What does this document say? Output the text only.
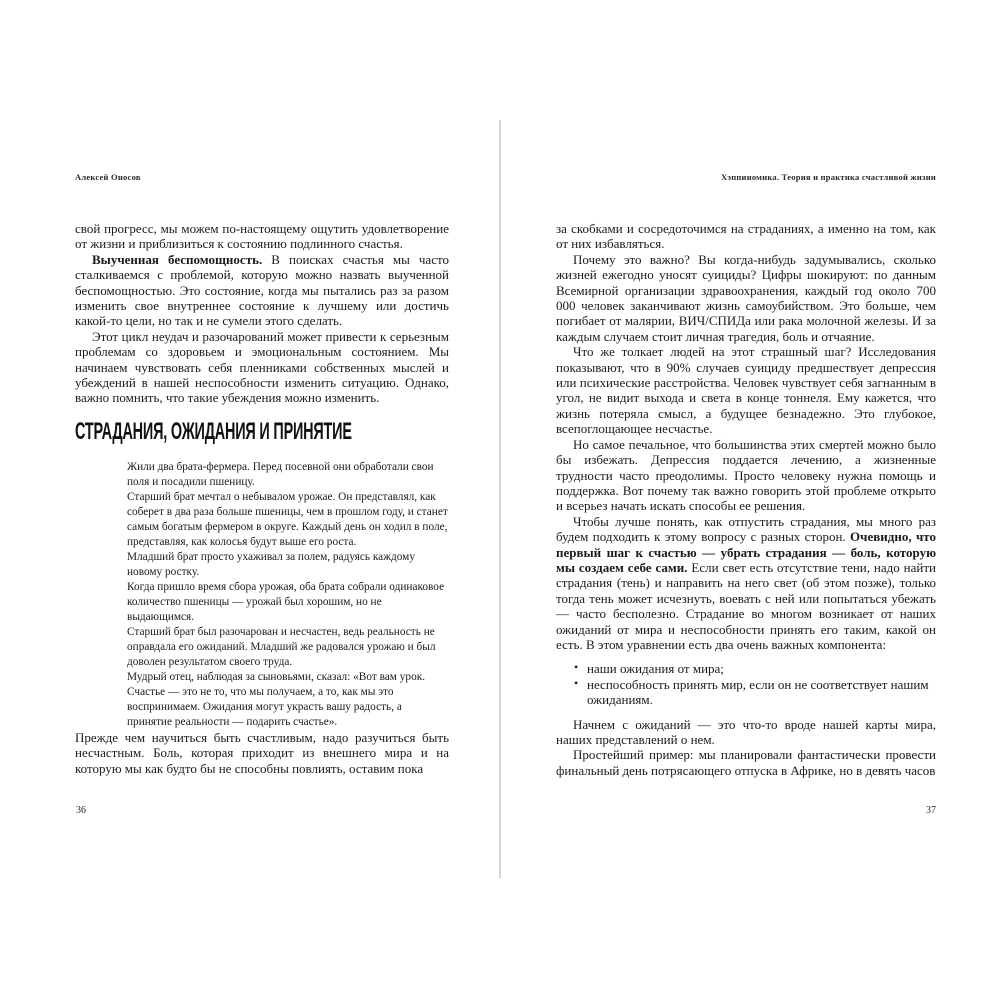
Алексей Оносов

свой прогресс, мы можем по-настоящему ощутить удовлетворение от жизни и приблизиться к состоянию подлинного счастья.

Выученная беспомощность. В поисках счастья мы часто сталкиваемся с проблемой, которую можно назвать выученной беспомощностью. Это состояние, когда мы пытались раз за разом изменить свое внутреннее состояние к лучшему или достичь какой-то цели, но так и не сумели этого сделать.

Этот цикл неудач и разочарований может привести к серьезным проблемам со здоровьем и эмоциональным состоянием. Мы начинаем чувствовать себя пленниками собственных мыслей и убеждений в нашей неспособности изменить ситуацию. Однако, важно помнить, что такие убеждения можно изменить.

СТРАДАНИЯ, ОЖИДАНИЯ И ПРИНЯТИЕ

Жили два брата-фермера. Перед посевной они обработали свои поля и посадили пшеницу.

Старший брат мечтал о небывалом урожае. Он представлял, как соберет в два раза больше пшеницы, чем в прошлом году, и станет самым богатым фермером в округе. Каждый день он ходил в поле, представляя, как колосья будут выше его роста.

Младший брат просто ухаживал за полем, радуясь каждому новому ростку.

Когда пришло время сбора урожая, оба брата собрали одинаковое количество пшеницы — урожай был хорошим, но не выдающимся.

Старший брат был разочарован и несчастен, ведь реальность не оправдала его ожиданий. Младший же радовался урожаю и был доволен результатом своего труда.

Мудрый отец, наблюдая за сыновьями, сказал: «Вот вам урок. Счастье — это не то, что мы получаем, а то, как мы это воспринимаем. Ожидания могут украсть вашу радость, а принятие реальности — подарить счастье».

Прежде чем научиться быть счастливым, надо разучиться быть несчастным. Боль, которая приходит из внешнего мира и на которую мы как будто бы не способны повлиять, оставим пока

Хэппиномика. Теория и практика счастливой жизни

за скобками и сосредоточимся на страданиях, а именно на том, как от них избавляться.

Почему это важно? Вы когда-нибудь задумывались, сколько жизней ежегодно уносят суициды? Цифры шокируют: по данным Всемирной организации здравоохранения, каждый год около 700 000 человек заканчивают жизнь самоубийством. Это больше, чем погибает от малярии, ВИЧ/СПИДа или рака молочной железы. И за каждым случаем стоит личная трагедия, боль и отчаяние.

Что же толкает людей на этот страшный шаг? Исследования показывают, что в 90% случаев суициду предшествует депрессия или психические расстройства. Человек чувствует себя загнанным в угол, не видит выхода и света в конце тоннеля. Ему кажется, что жизнь потеряла смысл, а будущее безнадежно. Это глубокое, всепоглощающее несчастье.

Но самое печальное, что большинства этих смертей можно было бы избежать. Депрессия поддается лечению, а жизненные трудности часто преодолимы. Просто человеку нужна помощь и поддержка. Вот почему так важно говорить этой проблеме открыто и всерьез начать искать способы ее решения.

Чтобы лучше понять, как отпустить страдания, мы много раз будем подходить к этому вопросу с разных сторон. Очевидно, что первый шаг к счастью — убрать страдания — боль, которую мы создаем себе сами. Если свет есть отсутствие тени, надо найти страдания (тень) и направить на него свет (об этом позже), только тогда тень может исчезнуть, воевать с ней или попытаться убежать — часто бесполезно. Страдание во многом возникает от наших ожиданий от мира и неспособности принять его таким, какой он есть. В этом уравнении есть два очень важных компонента:

• наши ожидания от мира;
• неспособность принять мир, если он не соответствует нашим ожиданиям.

Начнем с ожиданий — это что-то вроде нашей карты мира, наших представлений о нем.

Простейший пример: мы планировали фантастически провести финальный день потрясающего отпуска в Африке, но в девять часов

36	37
